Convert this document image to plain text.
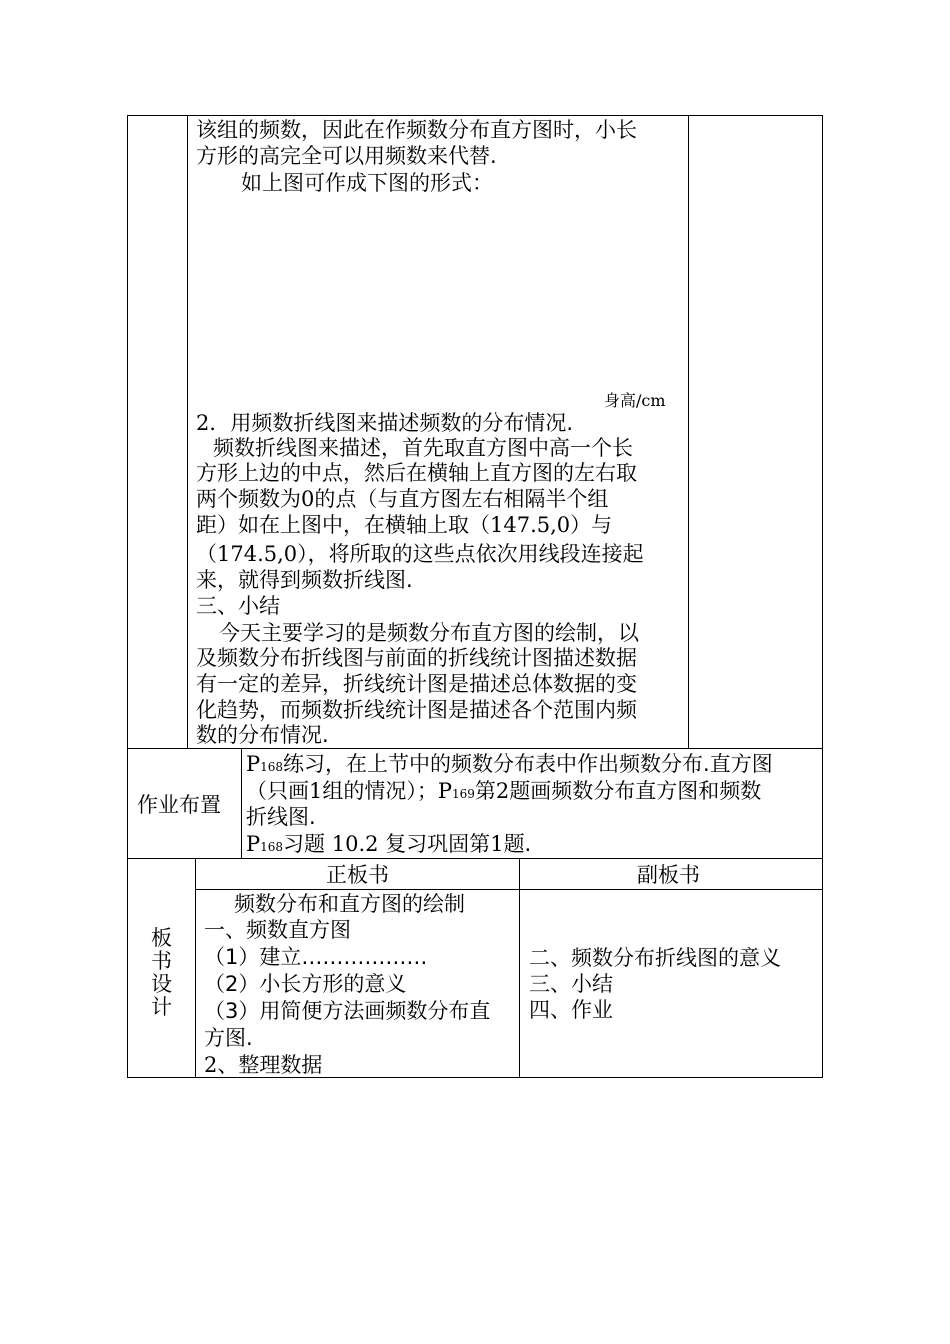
该组的频数，因此在作频数分布直方图时，小长
方形的高完全可以用频数来代替.
如上图可作成下图的形式：
身高/cm
2．用频数折线图来描述频数的分布情况.
频数折线图来描述，首先取直方图中高一个长
方形上边的中点，然后在横轴上直方图的左右取
两个频数为0的点（与直方图左右相隔半个组
距）如在上图中，在横轴上取（147.5,0）与
（174.5,0），将所取的这些点依次用线段连接起
来，就得到频数折线图.
三、小结
今天主要学习的是频数分布直方图的绘制，以
及频数分布折线图与前面的折线统计图描述数据
有一定的差异，折线统计图是描述总体数据的变
化趋势，而频数折线统计图是描述各个范围内频
数的分布情况.
作业布置
P168练习，在上节中的频数分布表中作出频数分布.直方图
（只画1组的情况）；P169第2题画频数分布直方图和频数
折线图.
P168习题 10.2 复习巩固第1题.
板
书
设
计
正板书	副板书
频数分布和直方图的绘制
一、频数直方图
（1）建立………………
（2）小长方形的意义
（3）用简便方法画频数分布直
方图.
2、整理数据
二、频数分布折线图的意义
三、小结
四、作业
